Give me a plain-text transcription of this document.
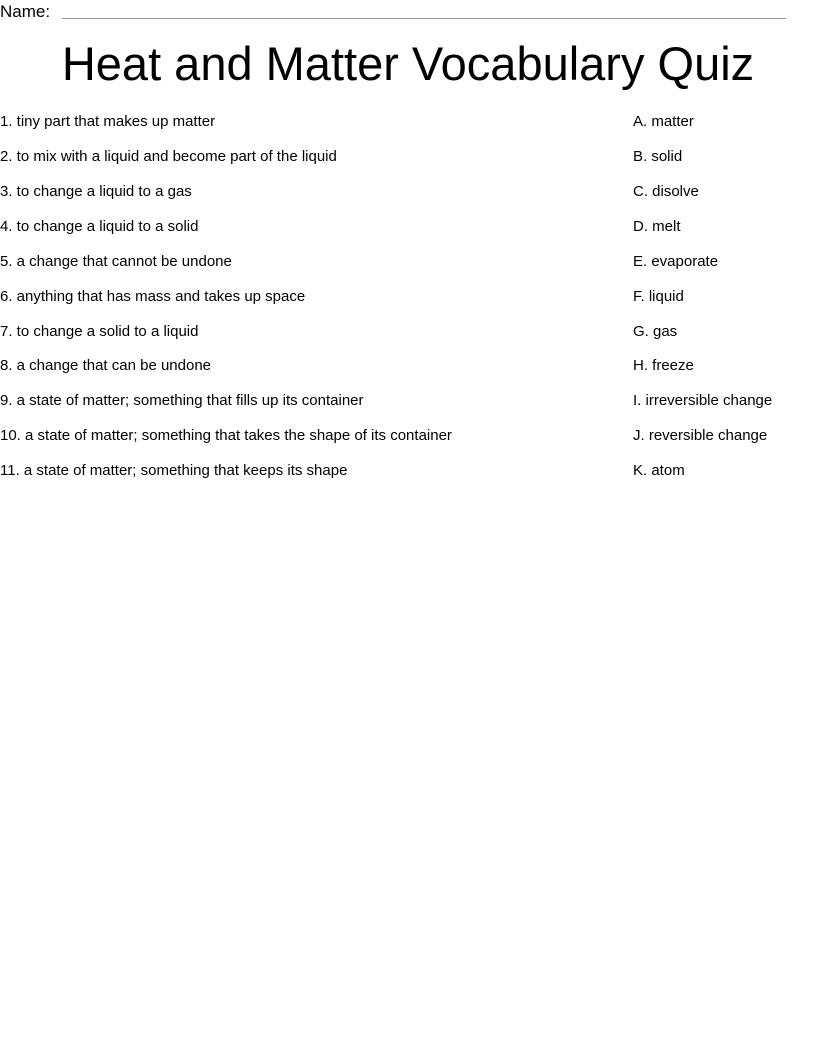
Name:
Heat and Matter Vocabulary Quiz
1. tiny part that makes up matter
2. to mix with a liquid and become part of the liquid
3. to change a liquid to a gas
4. to change a liquid to a solid
5. a change that cannot be undone
6. anything that has mass and takes up space
7. to change a solid to a liquid
8. a change that can be undone
9. a state of matter; something that fills up its container
10. a state of matter; something that takes the shape of its container
11. a state of matter; something that keeps its shape
A. matter
B. solid
C. disolve
D. melt
E. evaporate
F. liquid
G. gas
H. freeze
I. irreversible change
J. reversible change
K. atom
